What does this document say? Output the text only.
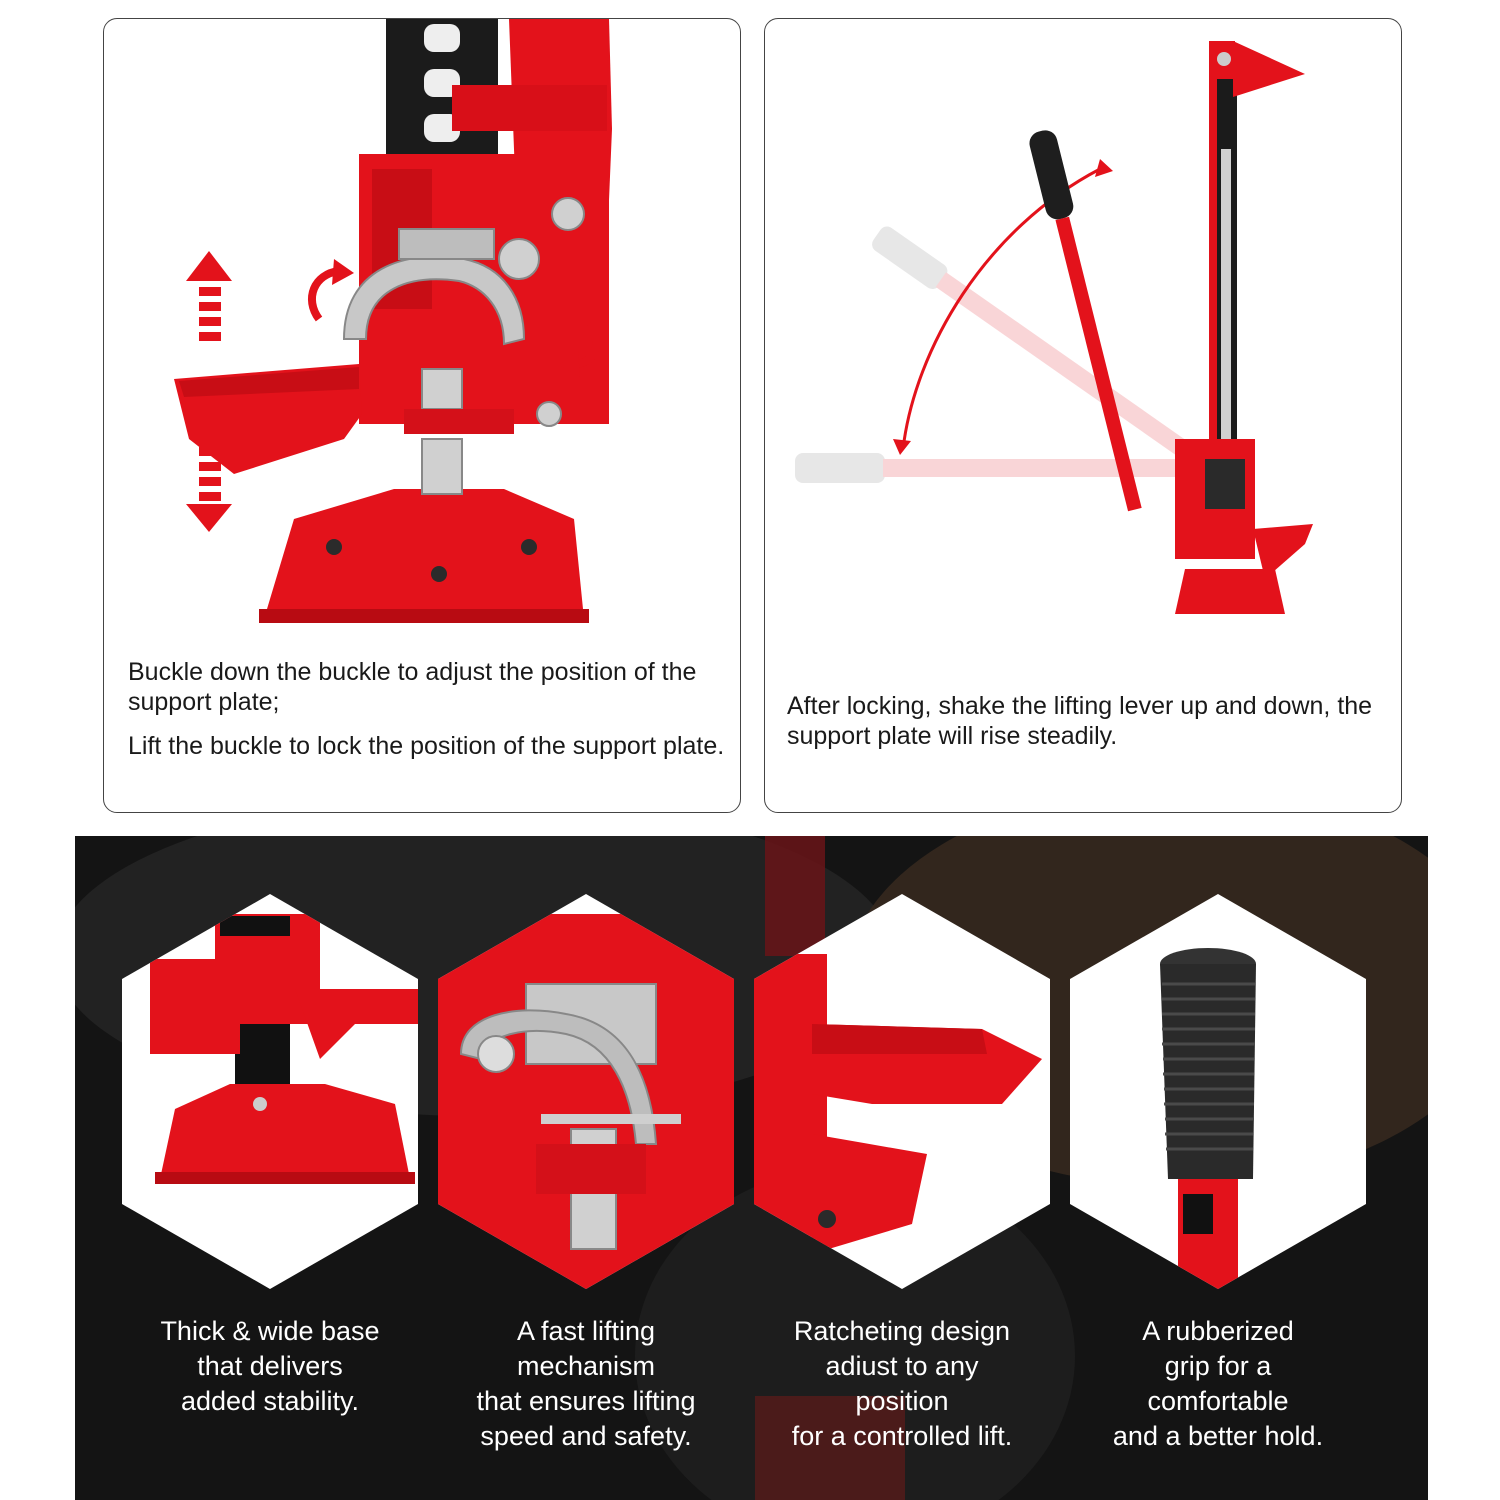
Buckle down the buckle to adjust the position of the support plate;

Lift the buckle to lock the position of the support plate.

After locking, shake the lifting lever up and down, the support plate will rise steadily.

Thick & wide base
that delivers
added stability.
A fast lifting
mechanism
that ensures lifting
speed and safety.
Ratcheting design
adiust to any
position
for a controlled lift.
A rubberized
grip for a
comfortable
and a better hold.
